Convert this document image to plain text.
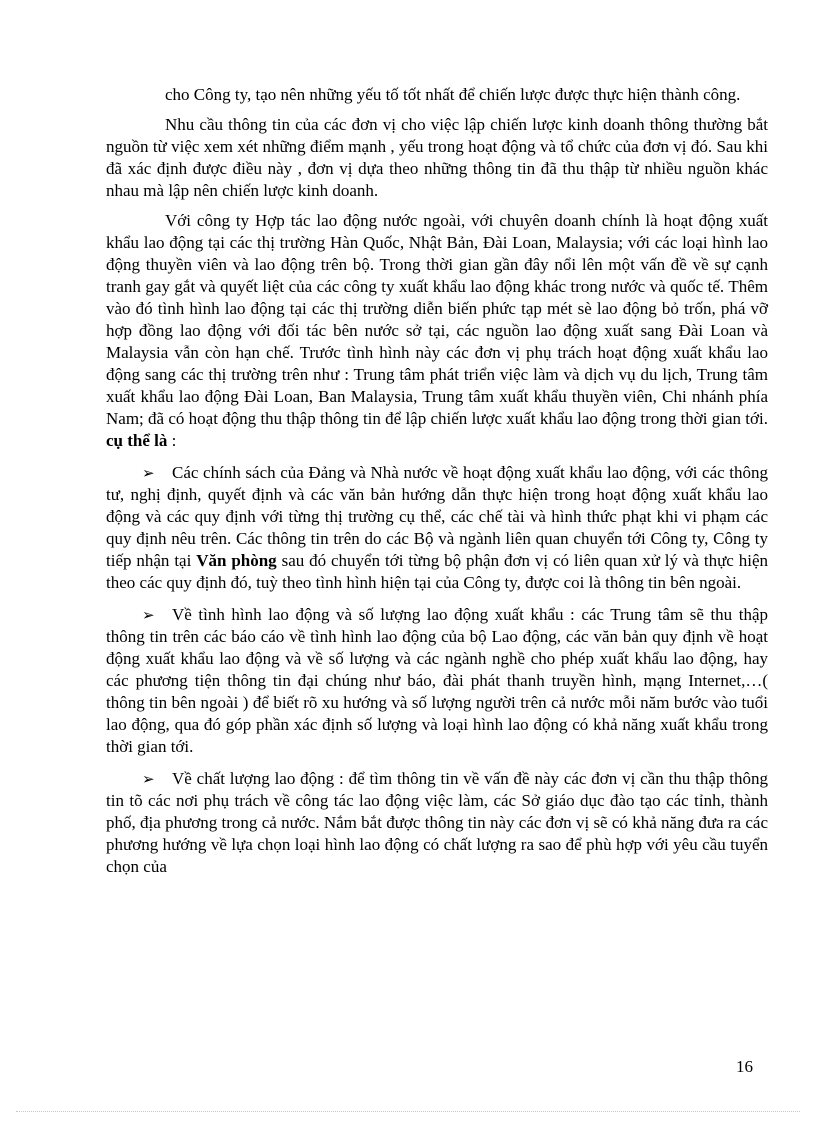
cho Công ty, tạo nên những yếu tố tốt nhất để chiến lược được thực hiện thành công.

Nhu cầu thông tin của các đơn vị cho việc lập chiến lược kinh doanh thông thường bắt nguồn từ việc xem xét những điểm mạnh , yếu trong hoạt động và tổ chức của đơn vị đó. Sau khi đã xác định được điều này , đơn vị dựa theo những thông tin đã thu thập từ nhiều nguồn khác nhau mà lập nên chiến lược kinh doanh.

Với công ty Hợp tác lao động nước ngoài, với chuyên doanh chính là hoạt động xuất khẩu lao động tại các thị trường Hàn Quốc, Nhật Bản, Đài Loan, Malaysia; với các loại hình lao động thuyền viên và lao động trên bộ. Trong thời gian gần đây nổi lên một vấn đề về sự cạnh tranh gay gắt và quyết liệt của các công ty xuất khẩu lao động khác trong nước và quốc tế. Thêm vào đó tình hình lao động tại các thị trường diễn biến phức tạp mét sè lao động bỏ trốn, phá vỡ hợp đồng lao động với đối tác bên nước sở tại, các nguồn lao động xuất sang Đài Loan và Malaysia vẫn còn hạn chế. Trước tình hình này các đơn vị phụ trách hoạt động xuất khẩu lao động sang các thị trường trên như : Trung tâm phát triển việc làm và dịch vụ du lịch, Trung tâm xuất khẩu lao động Đài Loan, Ban Malaysia, Trung tâm xuất khẩu thuyền viên, Chi nhánh phía Nam; đã có hoạt động thu thập thông tin để lập chiến lược xuất khẩu lao động trong thời gian tới. cụ thể là :

➢ Các chính sách của Đảng và Nhà nước về hoạt động xuất khẩu lao động, với các thông tư, nghị định, quyết định và các văn bản hướng dẫn thực hiện trong hoạt động xuất khẩu lao động và các quy định với từng thị trường cụ thể, các chế tài và hình thức phạt khi vi phạm các quy định nêu trên. Các thông tin trên do các Bộ và ngành liên quan chuyển tới Công ty, Công ty tiếp nhận tại Văn phòng sau đó chuyển tới từng bộ phận đơn vị có liên quan xử lý và thực hiện theo các quy định đó, tuỳ theo tình hình hiện tại của Công ty, được coi là thông tin bên ngoài.

➢ Về tình hình lao động và số lượng lao động xuất khẩu : các Trung tâm sẽ thu thập thông tin trên các báo cáo về tình hình lao động của bộ Lao động, các văn bản quy định về hoạt động xuất khẩu lao động và về số lượng và các ngành nghề cho phép xuất khẩu lao động, hay các phương tiện thông tin đại chúng như báo, đài phát thanh truyền hình, mạng Internet,…( thông tin bên ngoài ) để biết rõ xu hướng và số lượng người trên cả nước mỗi năm bước vào tuổi lao động, qua đó góp phần xác định số lượng và loại hình lao động có khả năng xuất khẩu trong thời gian tới.

➢ Về chất lượng lao động : để tìm thông tin về vấn đề này các đơn vị cần thu thập thông tin tõ các nơi phụ trách về công tác lao động việc làm, các Sở giáo dục đào tạo các tỉnh, thành phố, địa phương trong cả nước. Nắm bắt được thông tin này các đơn vị sẽ có khả năng đưa ra các phương hướng về lựa chọn loại hình lao động có chất lượng ra sao để phù hợp với yêu cầu tuyển chọn của

16
